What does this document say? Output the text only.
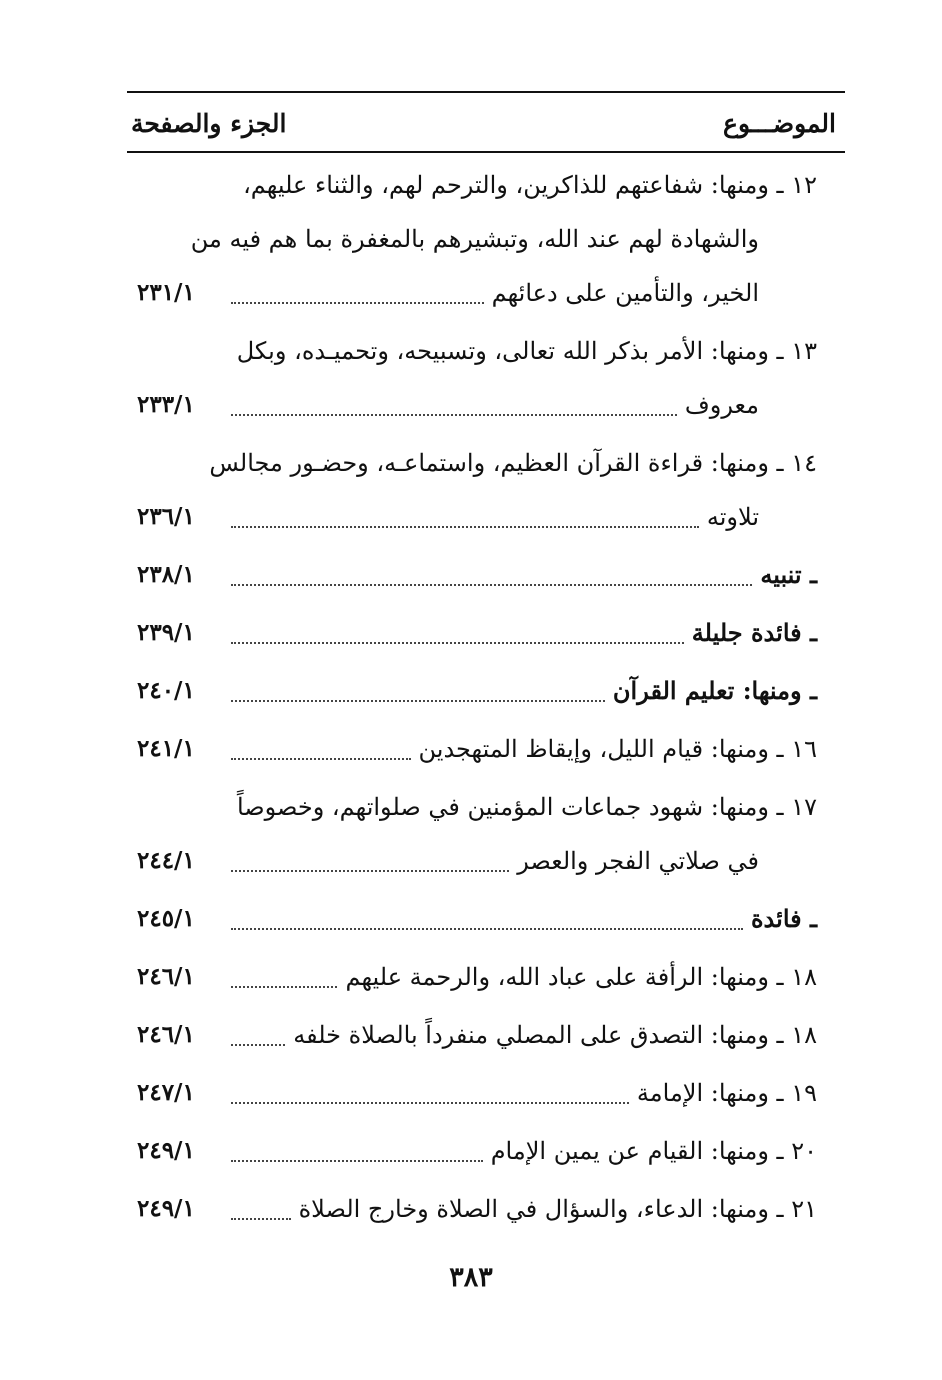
الموضـــوع
الجزء والصفحة
١٢ ـ ومنها: شفاعتهم للذاكرين، والترحم لهم، والثناء عليهم،
والشهادة لهم عند الله، وتبشيرهم بالمغفرة بما هم فيه من
الخير، والتأمين على دعائهم
٢٣١/١
١٣ ـ ومنها: الأمر بذكر الله تعالى، وتسبيحه، وتحميـده، وبكل
معروف
٢٣٣/١
١٤ ـ ومنها: قراءة القرآن العظيم، واستماعـه، وحضـور مجالس
تلاوته
٢٣٦/١
ـ تنبيه
٢٣٨/١
ـ فائدة جليلة
٢٣٩/١
ـ ومنها: تعليم القرآن
٢٤٠/١
١٦ ـ ومنها: قيام الليل، وإيقاظ المتهجدين
٢٤١/١
١٧ ـ ومنها: شهود جماعات المؤمنين في صلواتهم، وخصوصاً
في صلاتي الفجر والعصر
٢٤٤/١
ـ فائدة
٢٤٥/١
١٨ ـ ومنها: الرأفة على عباد الله، والرحمة عليهم
٢٤٦/١
١٨ ـ ومنها: التصدق على المصلي منفرداً بالصلاة خلفه
٢٤٦/١
١٩ ـ ومنها: الإمامة
٢٤٧/١
٢٠ ـ ومنها: القيام عن يمين الإمام
٢٤٩/١
٢١ ـ ومنها: الدعاء، والسؤال في الصلاة وخارج الصلاة
٢٤٩/١
٣٨٣
